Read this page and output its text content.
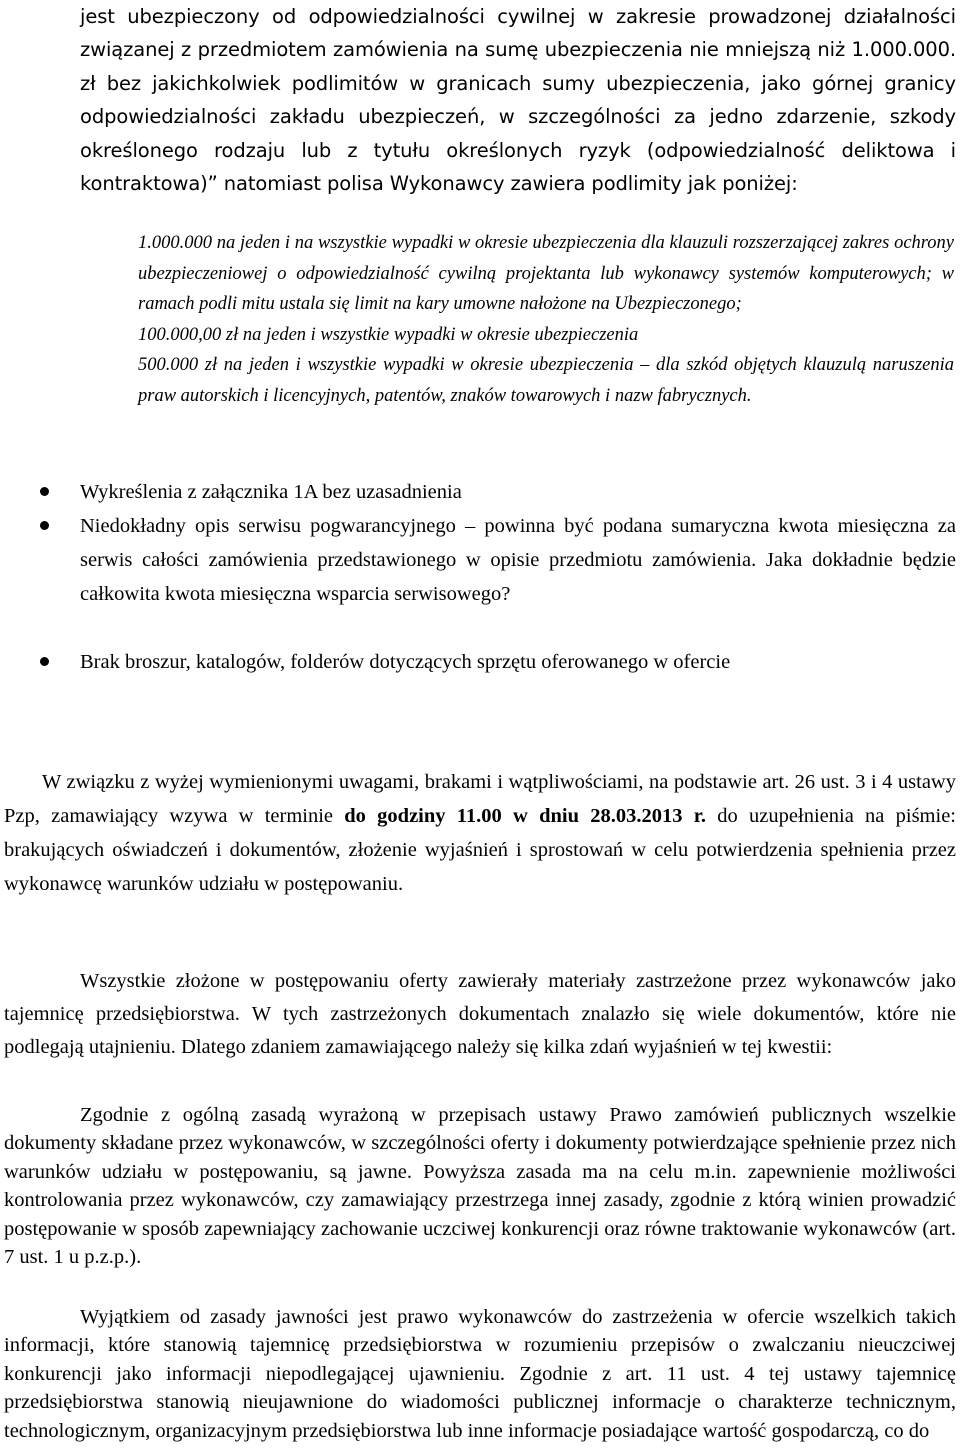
jest ubezpieczony od odpowiedzialności cywilnej w zakresie prowadzonej działalności związanej z przedmiotem zamówienia na sumę ubezpieczenia nie mniejszą niż 1.000.000. zł bez jakichkolwiek podlimitów w granicach sumy ubezpieczenia, jako górnej granicy odpowiedzialności zakładu ubezpieczeń, w szczególności za jedno zdarzenie, szkody określonego rodzaju lub z tytułu określonych ryzyk (odpowiedzialność deliktowa i kontraktowa)” natomiast polisa Wykonawcy zawiera podlimity jak poniżej:

1.000.000 na jeden i na wszystkie wypadki w okresie ubezpieczenia dla klauzuli rozszerzającej zakres ochrony ubezpieczeniowej o odpowiedzialność cywilną projektanta lub wykonawcy systemów komputerowych; w ramach podli mitu ustala się limit na kary umowne nałożone na Ubezpieczonego;
100.000,00 zł na jeden i wszystkie wypadki w okresie ubezpieczenia
500.000 zł na jeden i wszystkie wypadki w okresie ubezpieczenia – dla szkód objętych klauzulą naruszenia praw autorskich i licencyjnych, patentów, znaków towarowych i nazw fabrycznych.
Wykreślenia z załącznika 1A bez uzasadnienia
Niedokładny opis serwisu pogwarancyjnego – powinna być podana sumaryczna kwota miesięczna za serwis całości zamówienia przedstawionego w opisie przedmiotu zamówienia. Jaka dokładnie będzie całkowita kwota miesięczna wsparcia serwisowego?
Brak broszur, katalogów, folderów dotyczących sprzętu oferowanego w ofercie

W związku z wyżej wymienionymi uwagami, brakami i wątpliwościami, na podstawie art. 26 ust. 3 i 4 ustawy Pzp, zamawiający wzywa w terminie do godziny 11.00 w dniu 28.03.2013 r. do uzupełnienia na piśmie: brakujących oświadczeń i dokumentów, złożenie wyjaśnień i sprostowań w celu potwierdzenia spełnienia przez wykonawcę warunków udziału w postępowaniu.

Wszystkie złożone w postępowaniu oferty zawierały materiały zastrzeżone przez wykonawców jako tajemnicę przedsiębiorstwa. W tych zastrzeżonych dokumentach znalazło się wiele dokumentów, które nie podlegają utajnieniu. Dlatego zdaniem zamawiającego należy się kilka zdań wyjaśnień w tej kwestii:

Zgodnie z ogólną zasadą wyrażoną w przepisach ustawy Prawo zamówień publicznych wszelkie dokumenty składane przez wykonawców, w szczególności oferty i dokumenty potwierdzające spełnienie przez nich warunków udziału w postępowaniu, są jawne. Powyższa zasada ma na celu m.in. zapewnienie możliwości kontrolowania przez wykonawców, czy zamawiający przestrzega innej zasady, zgodnie z którą winien prowadzić postępowanie w sposób zapewniający zachowanie uczciwej konkurencji oraz równe traktowanie wykonawców (art. 7 ust. 1 u p.z.p.).

Wyjątkiem od zasady jawności jest prawo wykonawców do zastrzeżenia w ofercie wszelkich takich informacji, które stanowią tajemnicę przedsiębiorstwa w rozumieniu przepisów o zwalczaniu nieuczciwej konkurencji jako informacji niepodlegającej ujawnieniu. Zgodnie z art. 11 ust. 4 tej ustawy tajemnicę przedsiębiorstwa stanowią nieujawnione do wiadomości publicznej informacje o charakterze technicznym, technologicznym, organizacyjnym przedsiębiorstwa lub inne informacje posiadające wartość gospodarczą, co do
